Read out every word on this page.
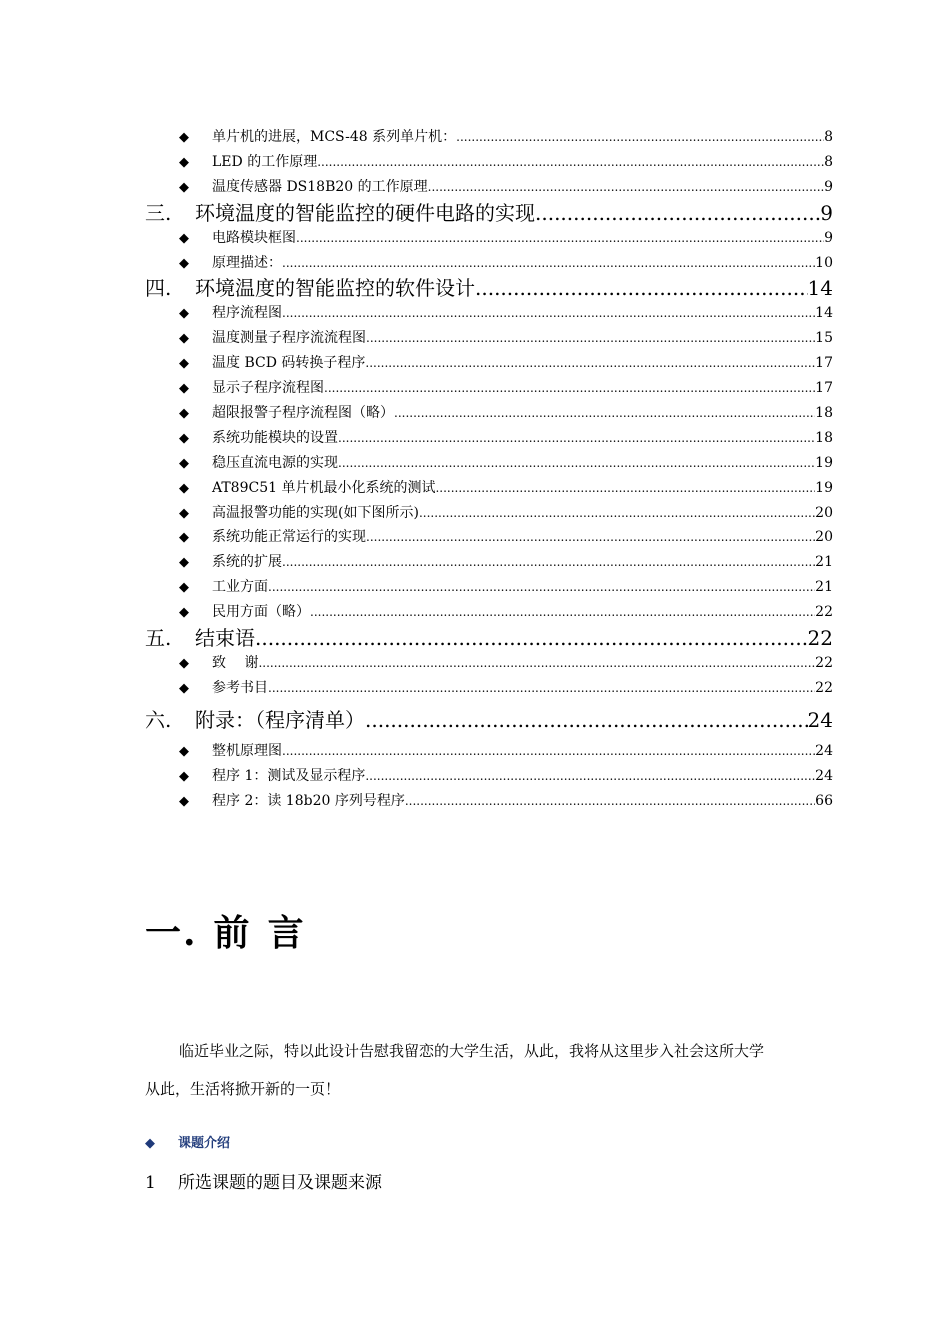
◆	单片机的进展，MCS-48 系列单片机： .....	8
◆	LED 的工作原理 .....	8
◆	温度传感器 DS18B20 的工作原理 .....	9
三.	环境温度的智能监控的硬件电路的实现 .....	9
◆	电路模块框图 .....	9
◆	原理描述： .....	10
四.	环境温度的智能监控的软件设计 .....	14
◆	程序流程图 .....	14
◆	温度测量子程序流流程图 .....	15
◆	温度 BCD 码转换子程序 .....	17
◆	显示子程序流程图 .....	17
◆	超限报警子程序流程图（略） .....	18
◆	系统功能模块的设置 .....	18
◆	稳压直流电源的实现 .....	19
◆	AT89C51 单片机最小化系统的测试 .....	19
◆	高温报警功能的实现(如下图所示) .....	20
◆	系统功能正常运行的实现 .....	20
◆	系统的扩展 .....	21
◆	工业方面 .....	21
◆	民用方面（略） .....	22
五.	结束语 .....	22
◆	致　 谢 .....	22
◆	参考书目 .....	22
六.	附录：（程序清单） .....	24
◆	整机原理图 .....	24
◆	程序 1：测试及显示程序 .....	24
◆	程序 2：读 18b20 序列号程序 .....	66
一. 前 言
临近毕业之际，特以此设计告慰我留恋的大学生活，从此，我将从这里步入社会这所大学
从此，生活将掀开新的一页！
◆ 课题介绍
1 所选课题的题目及课题来源
